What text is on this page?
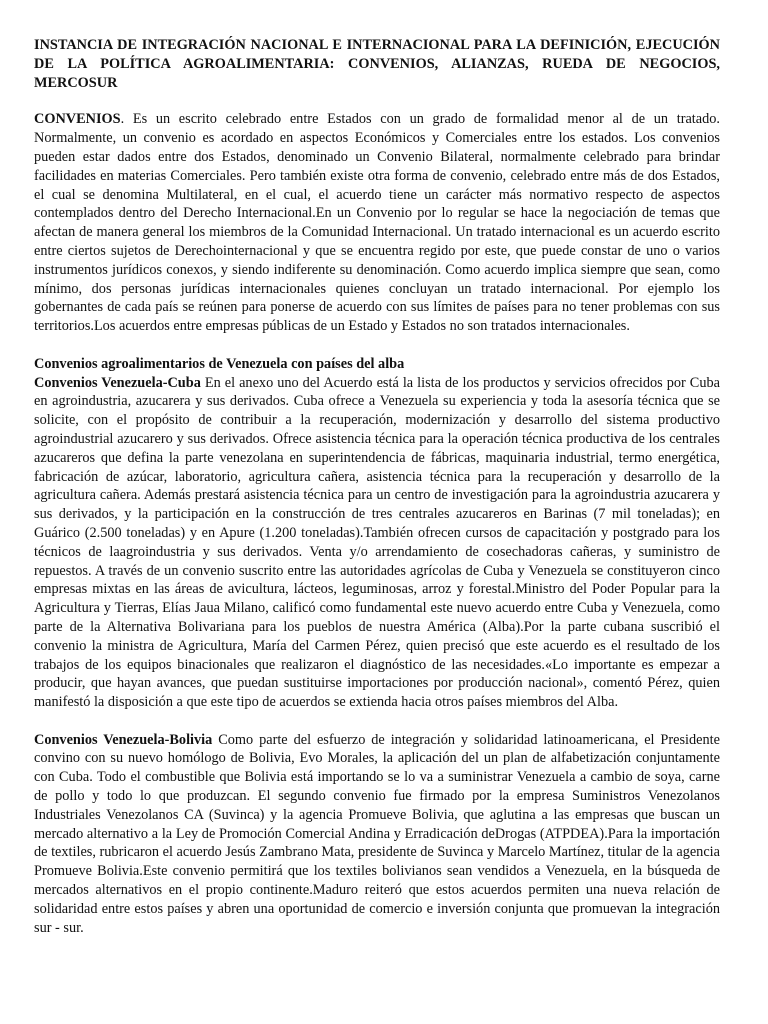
INSTANCIA DE INTEGRACIÓN NACIONAL E INTERNACIONAL PARA LA DEFINICIÓN, EJECUCIÓN DE LA POLÍTICA AGROALIMENTARIA: CONVENIOS, ALIANZAS, RUEDA DE NEGOCIOS, MERCOSUR

CONVENIOS. Es un escrito celebrado entre Estados con un grado de formalidad menor al de un tratado. Normalmente, un convenio es acordado en aspectos Económicos y Comerciales entre los estados. Los convenios pueden estar dados entre dos Estados, denominado un Convenio Bilateral, normalmente celebrado para brindar facilidades en materias Comerciales. Pero también existe otra forma de convenio, celebrado entre más de dos Estados, el cual se denomina Multilateral, en el cual, el acuerdo tiene un carácter más normativo respecto de aspectos contemplados dentro del Derecho Internacional.En un Convenio por lo regular se hace la negociación de temas que afectan de manera general los miembros de la Comunidad Internacional. Un tratado internacional es un acuerdo escrito entre ciertos sujetos de Derechointernacional y que se encuentra regido por este, que puede constar de uno o varios instrumentos jurídicos conexos, y siendo indiferente su denominación. Como acuerdo implica siempre que sean, como mínimo, dos personas jurídicas internacionales quienes concluyan un tratado internacional. Por ejemplo los gobernantes de cada país se reúnen para ponerse de acuerdo con sus límites de países para no tener problemas con sus territorios.Los acuerdos entre empresas públicas de un Estado y Estados no son tratados internacionales.

Convenios agroalimentarios de Venezuela con países del alba

Convenios Venezuela-Cuba En el anexo uno del Acuerdo está la lista de los productos y servicios ofrecidos por Cuba en agroindustria, azucarera y sus derivados. Cuba ofrece a Venezuela su experiencia y toda la asesoría técnica que se solicite, con el propósito de contribuir a la recuperación, modernización y desarrollo del sistema productivo agroindustrial azucarero y sus derivados. Ofrece asistencia técnica para la operación técnica productiva de los centrales azucareros que defina la parte venezolana en superintendencia de fábricas, maquinaria industrial, termo energética, fabricación de azúcar, laboratorio, agricultura cañera, asistencia técnica para la recuperación y desarrollo de la agricultura cañera. Además prestará asistencia técnica para un centro de investigación para la agroindustria azucarera y sus derivados, y la participación en la construcción de tres centrales azucareros en Barinas (7 mil toneladas); en Guárico (2.500 toneladas) y en Apure (1.200 toneladas).También ofrecen cursos de capacitación y postgrado para los técnicos de laagroindustria y sus derivados. Venta y/o arrendamiento de cosechadoras cañeras, y suministro de repuestos. A través de un convenio suscrito entre las autoridades agrícolas de Cuba y Venezuela se constituyeron cinco empresas mixtas en las áreas de avicultura, lácteos, leguminosas, arroz y forestal.Ministro del Poder Popular para la Agricultura y Tierras, Elías Jaua Milano, calificó como fundamental este nuevo acuerdo entre Cuba y Venezuela, como parte de la Alternativa Bolivariana para los pueblos de nuestra América (Alba).Por la parte cubana suscribió el convenio la ministra de Agricultura, María del Carmen Pérez, quien precisó que este acuerdo es el resultado de los trabajos de los equipos binacionales que realizaron el diagnóstico de las necesidades.«Lo importante es empezar a producir, que hayan avances, que puedan sustituirse importaciones por producción nacional», comentó Pérez, quien manifestó la disposición a que este tipo de acuerdos se extienda hacia otros países miembros del Alba.

Convenios Venezuela-Bolivia Como parte del esfuerzo de integración y solidaridad latinoamericana, el Presidente convino con su nuevo homólogo de Bolivia, Evo Morales, la aplicación del un plan de alfabetización conjuntamente con Cuba. Todo el combustible que Bolivia está importando se lo va a suministrar Venezuela a cambio de soya, carne de pollo y todo lo que produzcan. El segundo convenio fue firmado por la empresa Suministros Venezolanos Industriales Venezolanos CA (Suvinca) y la agencia Promueve Bolivia, que aglutina a las empresas que buscan un mercado alternativo a la Ley de Promoción Comercial Andina y Erradicación deDrogas (ATPDEA).Para la importación de textiles, rubricaron el acuerdo Jesús Zambrano Mata, presidente de Suvinca y Marcelo Martínez, titular de la agencia Promueve Bolivia.Este convenio permitirá que los textiles bolivianos sean vendidos a Venezuela, en la búsqueda de mercados alternativos en el propio continente.Maduro reiteró que estos acuerdos permiten una nueva relación de solidaridad entre estos países y abren una oportunidad de comercio e inversión conjunta que promuevan la integración sur - sur.
